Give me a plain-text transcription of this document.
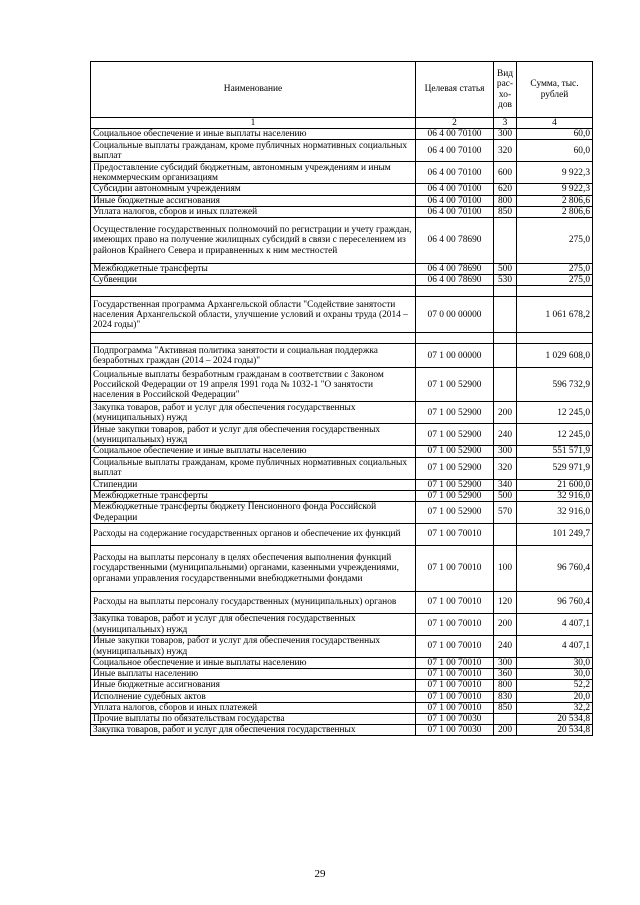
Наименование	Целевая статья	Вид рас-хо-дов	Сумма, тыс. рублей
1	2	3	4
Социальное обеспечение и иные выплаты населению	06 4 00 70100	300	60,0
Социальные выплаты гражданам, кроме публичных нормативных социальных выплат	06 4 00 70100	320	60,0
Предоставление субсидий бюджетным, автономным учреждениям и иным некоммерческим организациям	06 4 00 70100	600	9 922,3
Субсидии автономным учреждениям	06 4 00 70100	620	9 922,3
Иные бюджетные ассигнования	06 4 00 70100	800	2 806,6
Уплата налогов, сборов и иных платежей	06 4 00 70100	850	2 806,6
Осуществление государственных полномочий по регистрации и учету граждан, имеющих право на получение жилищных субсидий в связи с переселением из районов Крайнего Севера и приравненных к ним местностей	06 4 00 78690		275,0
Межбюджетные трансферты	06 4 00 78690	500	275,0
Субвенции	06 4 00 78690	530	275,0

Государственная программа Архангельской области "Содействие занятости населения Архангельской области, улучшение условий и охраны труда (2014 – 2024 годы)"	07 0 00 00000		1 061 678,2

Подпрограмма "Активная политика занятости и социальная поддержка безработных граждан (2014 – 2024 годы)"	07 1 00 00000		1 029 608,0
Социальные выплаты безработным гражданам в соответствии с Законом Российской Федерации от 19 апреля 1991 года № 1032-1 "О занятости населения в Российской Федерации"	07 1 00 52900		596 732,9
Закупка товаров, работ и услуг для обеспечения государственных (муниципальных) нужд	07 1 00 52900	200	12 245,0
Иные закупки товаров, работ и услуг для обеспечения государственных (муниципальных) нужд	07 1 00 52900	240	12 245,0
Социальное обеспечение и иные выплаты населению	07 1 00 52900	300	551 571,9
Социальные выплаты гражданам, кроме публичных нормативных социальных выплат	07 1 00 52900	320	529 971,9
Стипендии	07 1 00 52900	340	21 600,0
Межбюджетные трансферты	07 1 00 52900	500	32 916,0
Межбюджетные трансферты бюджету Пенсионного фонда Российской Федерации	07 1 00 52900	570	32 916,0
Расходы на содержание государственных органов и обеспечение их функций	07 1 00 70010		101 249,7
Расходы на выплаты персоналу в целях обеспечения выполнения функций государственными (муниципальными) органами, казенными учреждениями, органами управления государственными внебюджетными фондами	07 1 00 70010	100	96 760,4
Расходы на выплаты персоналу государственных (муниципальных) органов	07 1 00 70010	120	96 760,4
Закупка товаров, работ и услуг для обеспечения государственных (муниципальных) нужд	07 1 00 70010	200	4 407,1
Иные закупки товаров, работ и услуг для обеспечения государственных (муниципальных) нужд	07 1 00 70010	240	4 407,1
Социальное обеспечение и иные выплаты населению	07 1 00 70010	300	30,0
Иные выплаты населению	07 1 00 70010	360	30,0
Иные бюджетные ассигнования	07 1 00 70010	800	52,2
Исполнение судебных актов	07 1 00 70010	830	20,0
Уплата налогов, сборов и иных платежей	07 1 00 70010	850	32,2
Прочие выплаты по обязательствам государства	07 1 00 70030		20 534,8
Закупка товаров, работ и услуг для обеспечения государственных	07 1 00 70030	200	20 534,8
29
